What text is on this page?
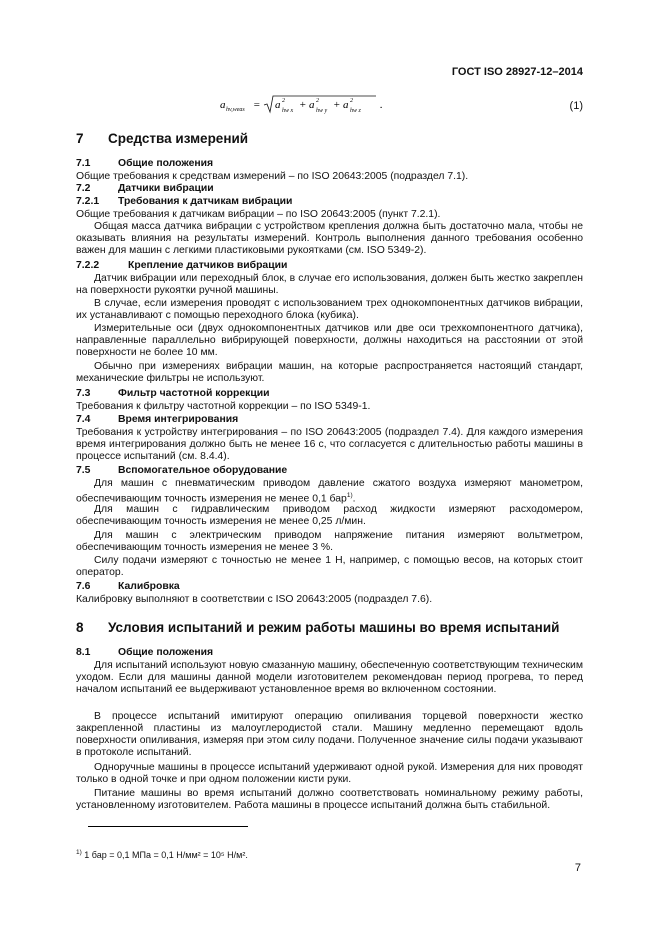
ГОСТ ISO 28927-12–2014
a hv,weas = a 2
hw x + a 2
hw y + a 2
hw z .	(1)
7 Средства измерений
7.1	Общие положения
Общие требования к средствам измерений – по ISO 20643:2005 (подраздел 7.1).
7.2	Датчики вибрации
7.2.1 Требования к датчикам вибрации
Общие требования к датчикам вибрации – по ISO 20643:2005 (пункт 7.2.1).
Общая масса датчика вибрации с устройством крепления должна быть достаточно мала, чтобы не оказывать влияния на результаты измерений. Контроль выполнения данного требования особенно важен для машин с легкими пластиковыми рукоятками (см. ISO 5349-2).
7.2.2	Крепление датчиков вибрации
Датчик вибрации или переходный блок, в случае его использования, должен быть жестко закреплен на поверхности рукоятки ручной машины.
В случае, если измерения проводят с использованием трех однокомпонентных датчиков вибрации, их устанавливают с помощью переходного блока (кубика).
Измерительные оси (двух однокомпонентных датчиков или две оси трехкомпонентного датчика), направленные параллельно вибрирующей поверхности, должны находиться на расстоянии от этой поверхности не более 10 мм.
Обычно при измерениях вибрации машин, на которые распространяется настоящий стандарт, механические фильтры не используют.
7.3	Фильтр частотной коррекции
Требования к фильтру частотной коррекции – по ISO 5349-1.
7.4	Время интегрирования
Требования к устройству интегрирования – по ISO 20643:2005 (подраздел 7.4). Для каждого измерения время интегрирования должно быть не менее 16 с, что согласуется с длительностью работы машины в процессе испытаний (см. 8.4.4).
7.5	Вспомогательное оборудование
Для машин с пневматическим приводом давление сжатого воздуха измеряют манометром, обеспечивающим точность измерения не менее 0,1 бар$^{1)}$.
Для машин с гидравлическим приводом расход жидкости измеряют расходомером, обеспечивающим точность измерения не менее 0,25 л/мин.
Для машин с электрическим приводом напряжение питания измеряют вольтметром, обеспечивающим точность измерения не менее 3 %.
Силу подачи измеряют с точностью не менее 1 Н, например, с помощью весов, на которых стоит оператор.
7.6	Калибровка
Калибровку выполняют в соответствии с ISO 20643:2005 (подраздел 7.6).
8 Условия испытаний и режим работы машины во время испытаний
8.1	Общие положения
Для испытаний используют новую смазанную машину, обеспеченную соответствующим техническим уходом. Если для машины данной модели изготовителем рекомендован период прогрева, то перед началом испытаний ее выдерживают установленное время во включенном состоянии.
В процессе испытаний имитируют операцию опиливания торцевой поверхности жестко закрепленной пластины из малоуглеродистой стали. Машину медленно перемещают вдоль поверхности опиливания, измеряя при этом силу подачи. Полученное значение силы подачи указывают в протоколе испытаний.
Одноручные машины в процессе испытаний удерживают одной рукой. Измерения для них проводят только в одной точке и при одном положении кисти руки.
Питание машины во время испытаний должно соответствовать номинальному режиму работы, установленному изготовителем. Работа машины в процессе испытаний должна быть стабильной.
$^{1)}$ 1 бар = 0,1 МПа = 0,1 Н/мм² = 10⁵ Н/м².
7
